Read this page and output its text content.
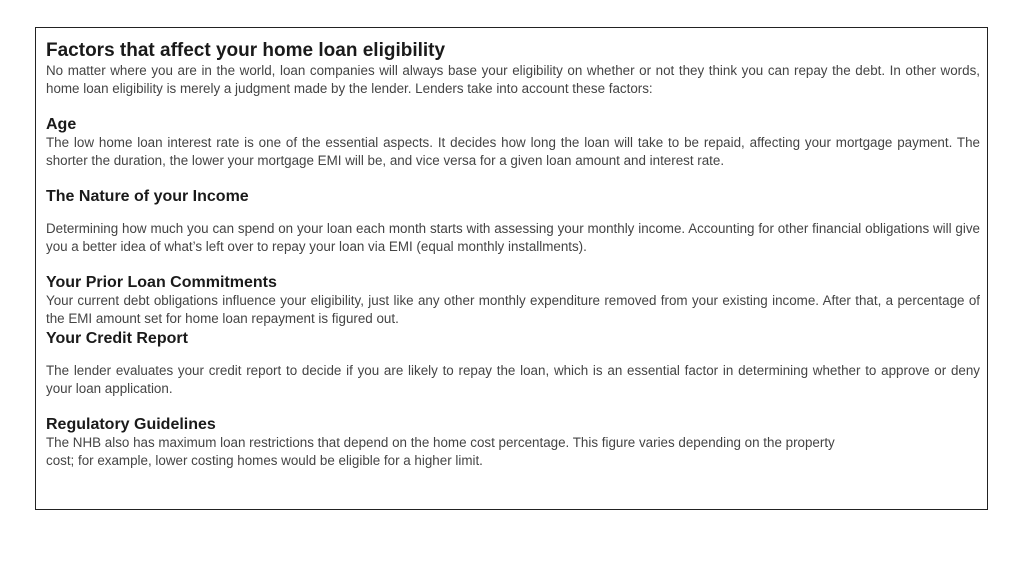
Factors that affect your home loan eligibility

No matter where you are in the world, loan companies will always base your eligibility on whether or not they think you can repay the debt. In other words, home loan eligibility is merely a judgment made by the lender. Lenders take into account these factors:

Age

The low home loan interest rate is one of the essential aspects. It decides how long the loan will take to be repaid, affecting your mortgage payment. The shorter the duration, the lower your mortgage EMI will be, and vice versa for a given loan amount and interest rate.

The Nature of your Income

Determining how much you can spend on your loan each month starts with assessing your monthly income. Accounting for other financial obligations will give you a better idea of what’s left over to repay your loan via EMI (equal monthly installments).

Your Prior Loan Commitments

Your current debt obligations influence your eligibility, just like any other monthly expenditure removed from your existing income. After that, a percentage of the EMI amount set for home loan repayment is figured out.

Your Credit Report

The lender evaluates your credit report to decide if you are likely to repay the loan, which is an essential factor in determining whether to approve or deny your loan application.

Regulatory Guidelines

The NHB also has maximum loan restrictions that depend on the home cost percentage. This figure varies depending on the property

cost; for example, lower costing homes would be eligible for a higher limit.
